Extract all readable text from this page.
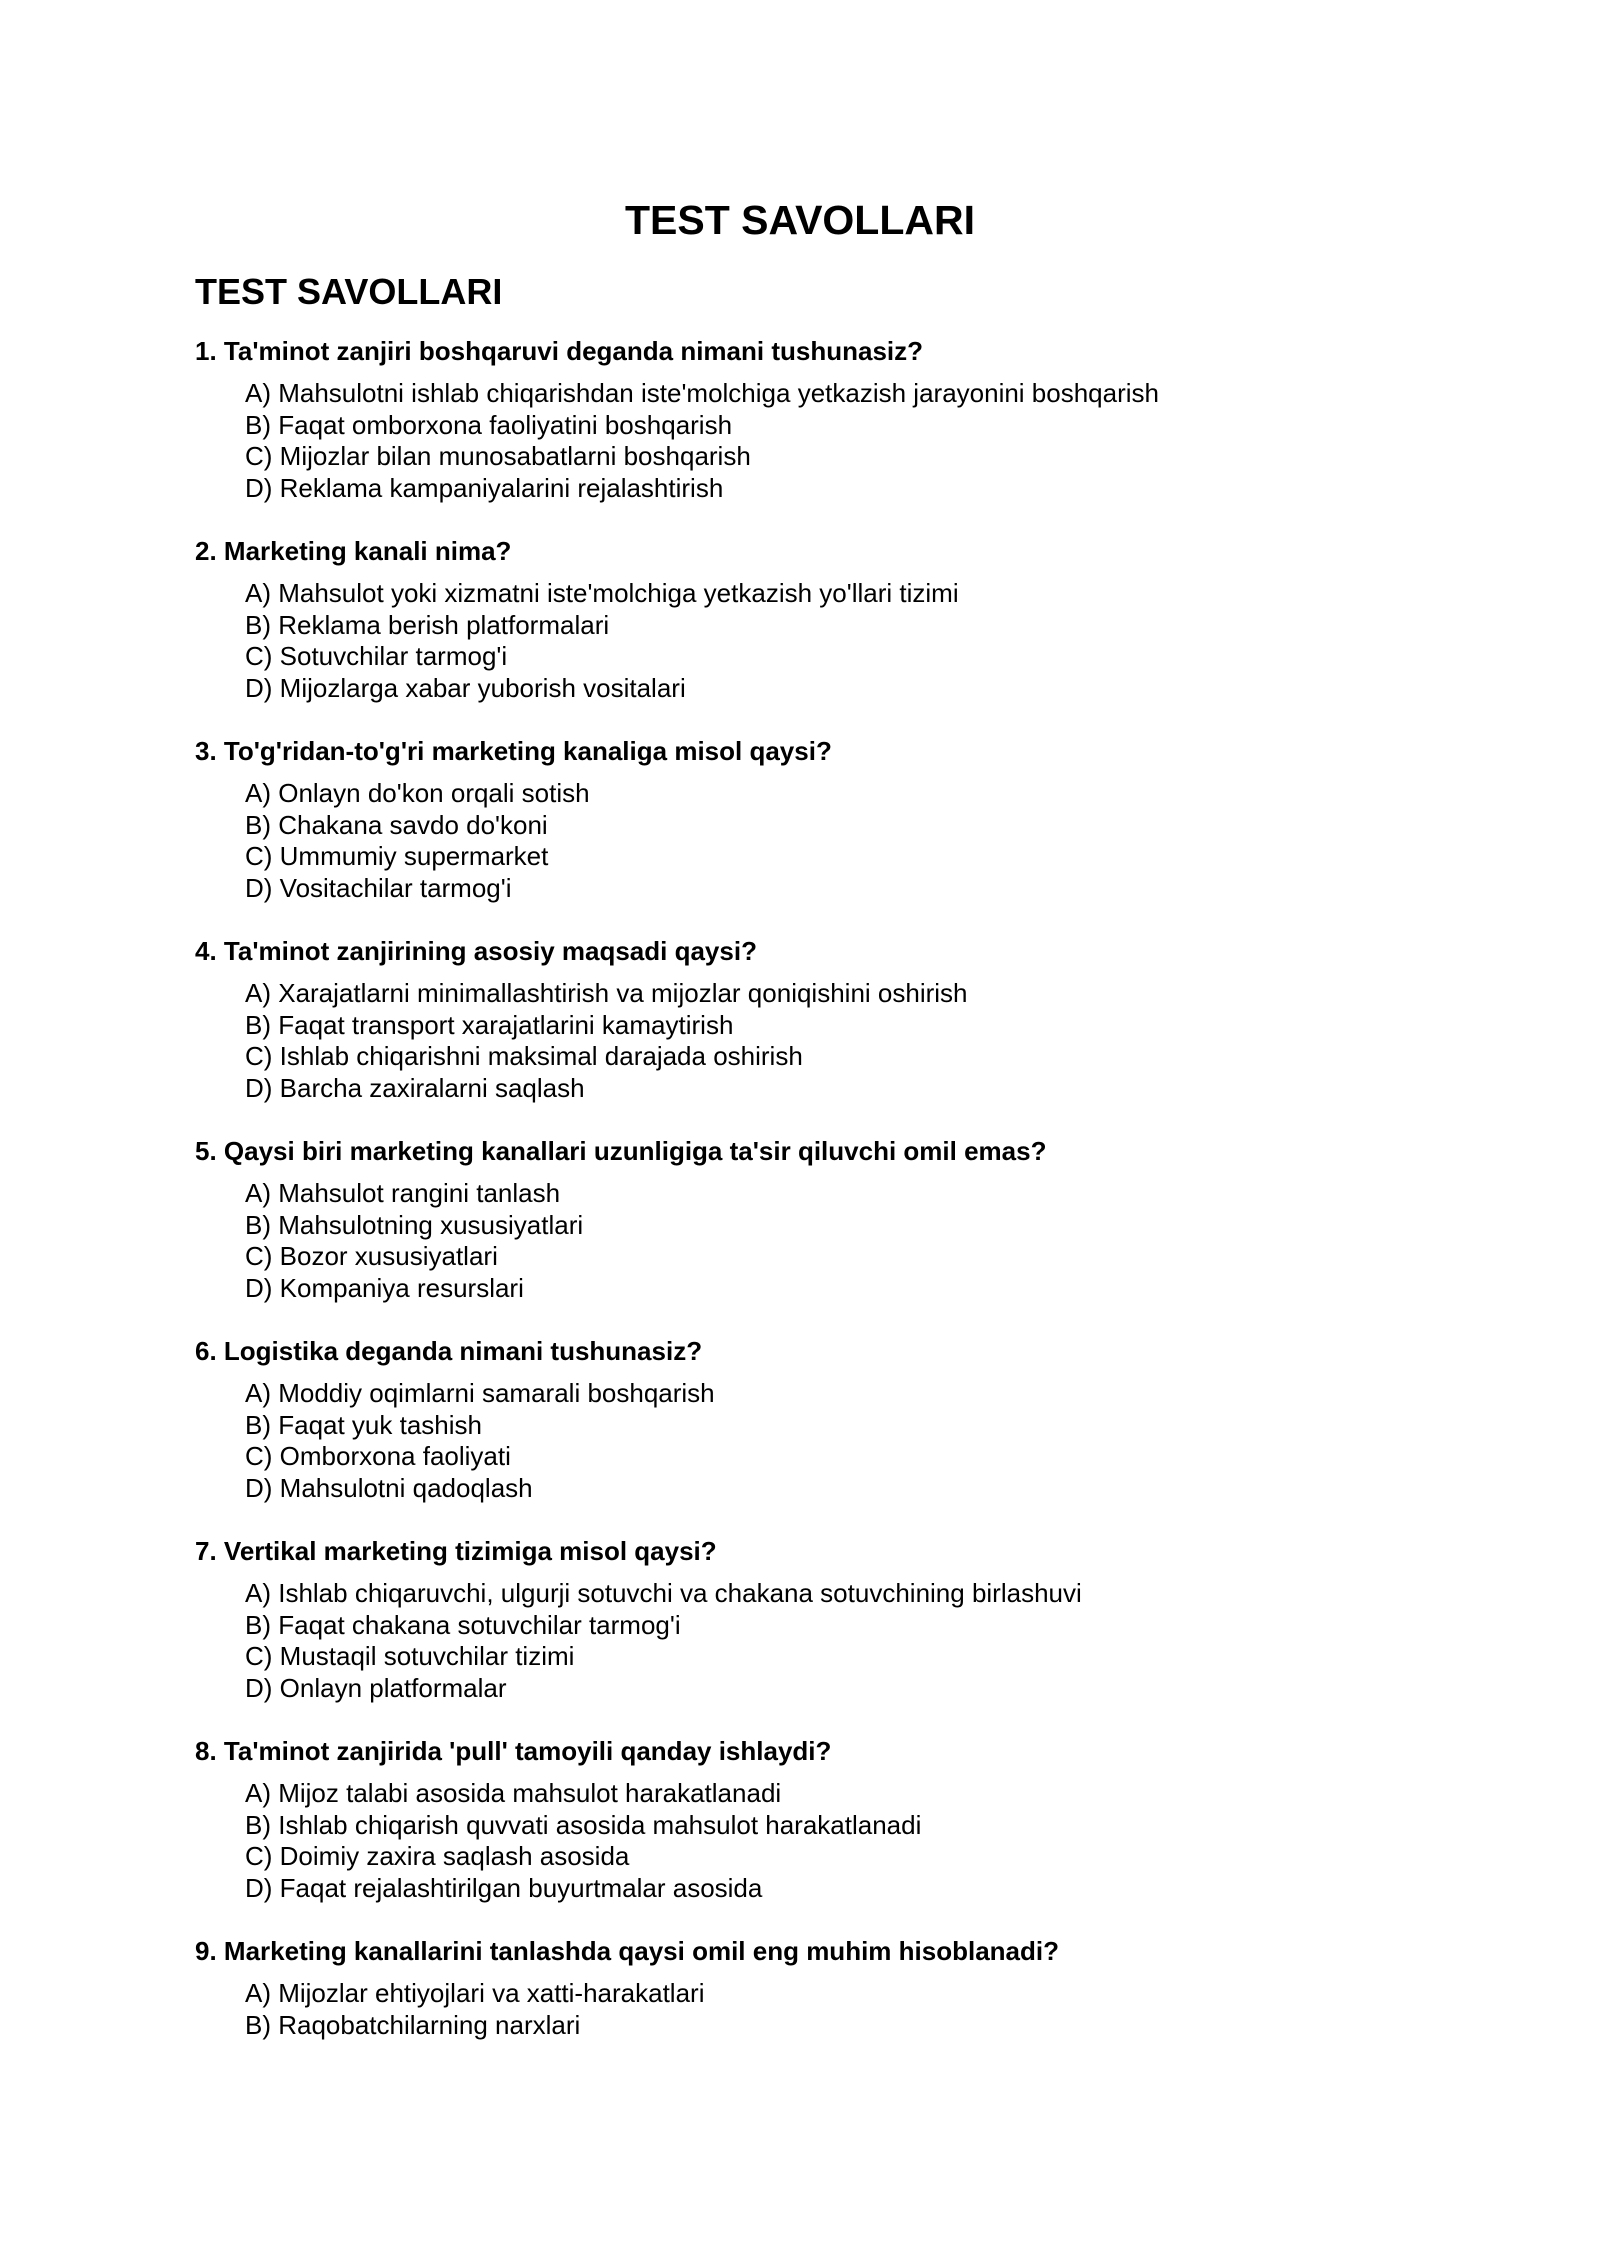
TEST SAVOLLARI
TEST SAVOLLARI
1. Ta'minot zanjiri boshqaruvi deganda nimani tushunasiz?
A) Mahsulotni ishlab chiqarishdan iste'molchiga yetkazish jarayonini boshqarish
B) Faqat omborxona faoliyatini boshqarish
C) Mijozlar bilan munosabatlarni boshqarish
D) Reklama kampaniyalarini rejalashtirish
2. Marketing kanali nima?
A) Mahsulot yoki xizmatni iste'molchiga yetkazish yo'llari tizimi
B) Reklama berish platformalari
C) Sotuvchilar tarmog'i
D) Mijozlarga xabar yuborish vositalari
3. To'g'ridan-to'g'ri marketing kanaliga misol qaysi?
A) Onlayn do'kon orqali sotish
B) Chakana savdo do'koni
C) Ummumiy supermarket
D) Vositachilar tarmog'i
4. Ta'minot zanjirining asosiy maqsadi qaysi?
A) Xarajatlarni minimallashtirish va mijozlar qoniqishini oshirish
B) Faqat transport xarajatlarini kamaytirish
C) Ishlab chiqarishni maksimal darajada oshirish
D) Barcha zaxiralarni saqlash
5. Qaysi biri marketing kanallari uzunligiga ta'sir qiluvchi omil emas?
A) Mahsulot rangini tanlash
B) Mahsulotning xususiyatlari
C) Bozor xususiyatlari
D) Kompaniya resurslari
6. Logistika deganda nimani tushunasiz?
A) Moddiy oqimlarni samarali boshqarish
B) Faqat yuk tashish
C) Omborxona faoliyati
D) Mahsulotni qadoqlash
7. Vertikal marketing tizimiga misol qaysi?
A) Ishlab chiqaruvchi, ulgurji sotuvchi va chakana sotuvchining birlashuvi
B) Faqat chakana sotuvchilar tarmog'i
C) Mustaqil sotuvchilar tizimi
D) Onlayn platformalar
8. Ta'minot zanjirida 'pull' tamoyili qanday ishlaydi?
A) Mijoz talabi asosida mahsulot harakatlanadi
B) Ishlab chiqarish quvvati asosida mahsulot harakatlanadi
C) Doimiy zaxira saqlash asosida
D) Faqat rejalashtirilgan buyurtmalar asosida
9. Marketing kanallarini tanlashda qaysi omil eng muhim hisoblanadi?
A) Mijozlar ehtiyojlari va xatti-harakatlari
B) Raqobatchilarning narxlari
